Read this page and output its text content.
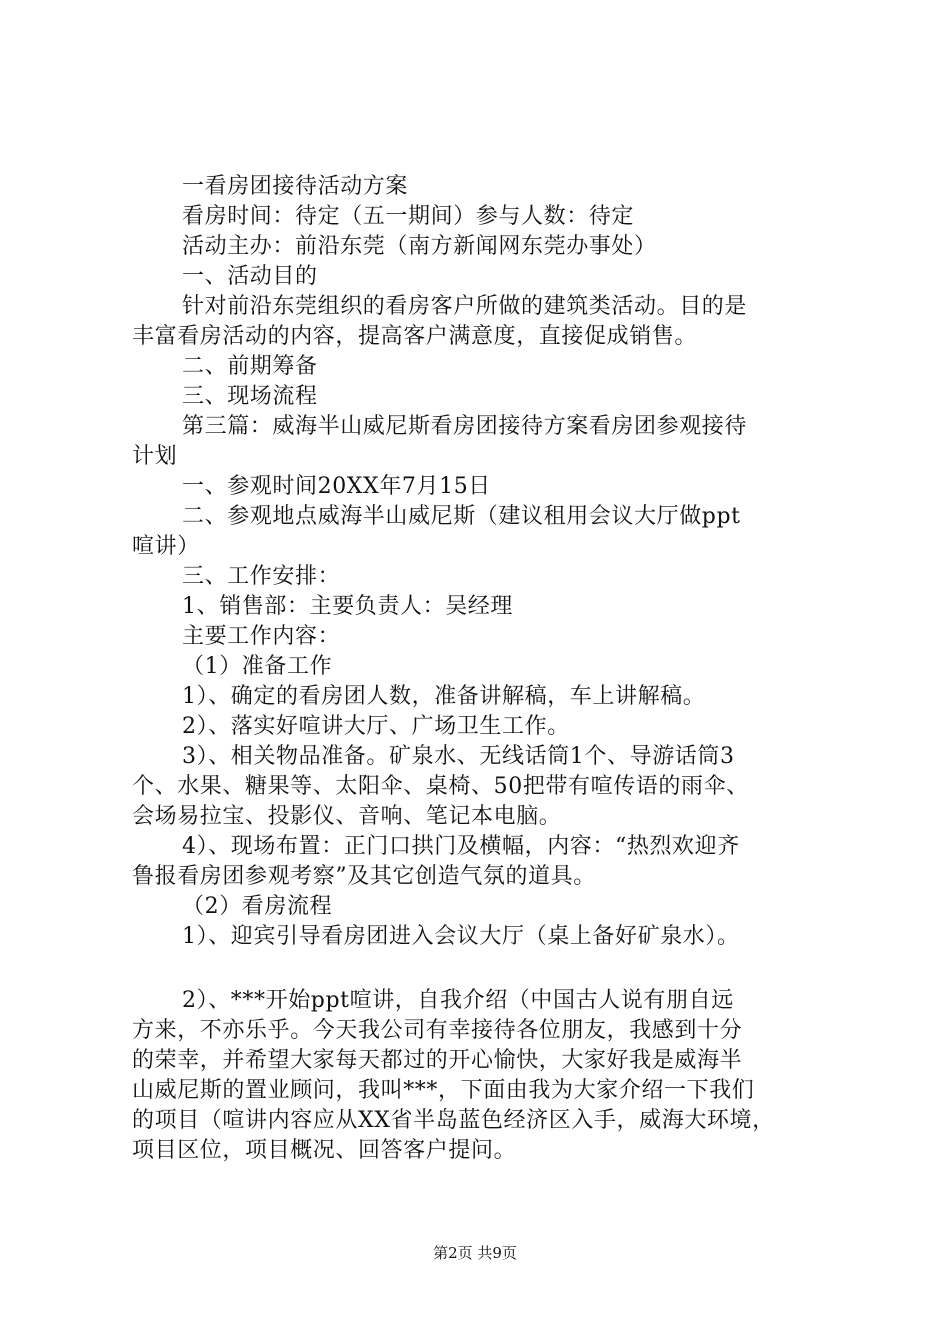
一看房团接待活动方案
看房时间：待定（五一期间）参与人数：待定
活动主办：前沿东莞（南方新闻网东莞办事处）
一、活动目的
针对前沿东莞组织的看房客户所做的建筑类活动。目的是
丰富看房活动的内容，提高客户满意度，直接促成销售。
二、前期筹备
三、现场流程
第三篇：威海半山威尼斯看房团接待方案看房团参观接待
计划
一、参观时间20XX年7月15日
二、参观地点威海半山威尼斯（建议租用会议大厅做ppt
喧讲）
三、工作安排：
1、销售部：主要负责人：吴经理
主要工作内容：
（1）准备工作
1）、确定的看房团人数，准备讲解稿，车上讲解稿。
2）、落实好喧讲大厅、广场卫生工作。
3）、相关物品准备。矿泉水、无线话筒1个、导游话筒3
个、水果、糖果等、太阳伞、桌椅、50把带有喧传语的雨伞、
会场易拉宝、投影仪、音响、笔记本电脑。
4）、现场布置：正门口拱门及横幅，内容：“热烈欢迎齐
鲁报看房团参观考察”及其它创造气氛的道具。
（2）看房流程
1）、迎宾引导看房团进入会议大厅（桌上备好矿泉水）。
2）、***开始ppt喧讲，自我介绍（中国古人说有朋自远
方来，不亦乐乎。今天我公司有幸接待各位朋友，我感到十分
的荣幸，并希望大家每天都过的开心愉快，大家好我是威海半
山威尼斯的置业顾问，我叫***，下面由我为大家介绍一下我们
的项目（喧讲内容应从XX省半岛蓝色经济区入手，威海大环境，
项目区位，项目概况、回答客户提问。
第2页 共9页
